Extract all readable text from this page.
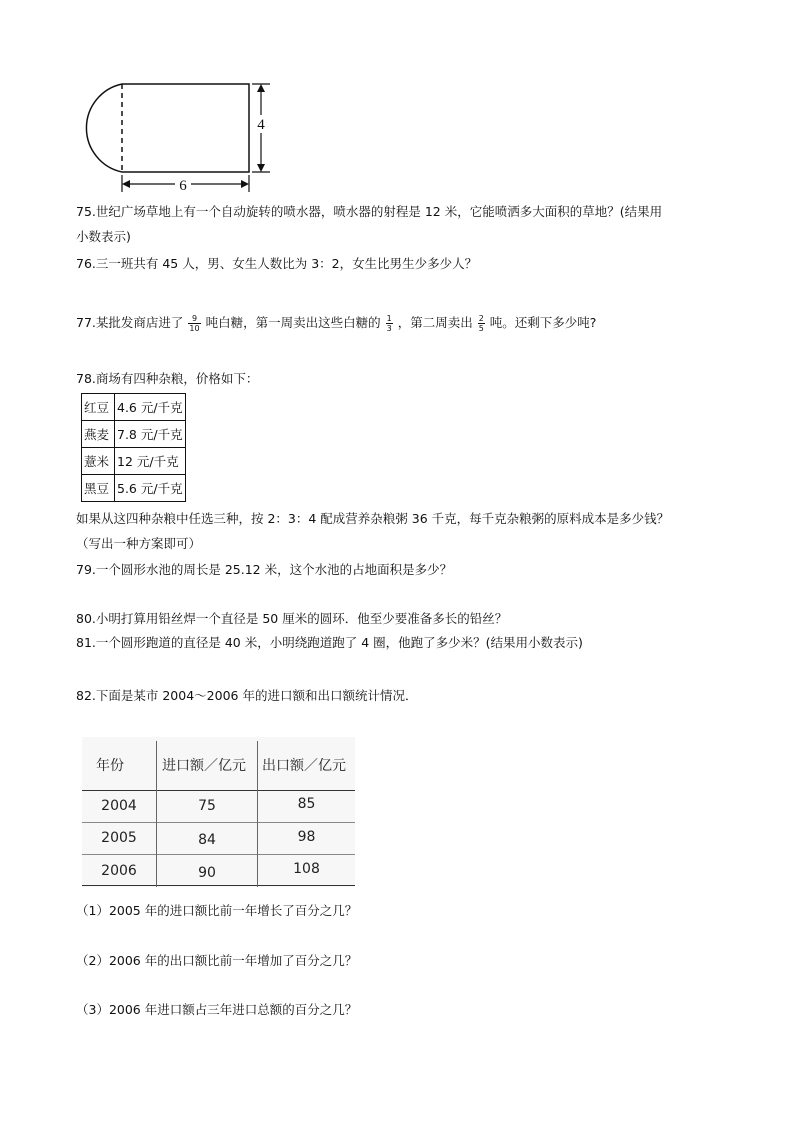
6
4
75.世纪广场草地上有一个自动旋转的喷水器，喷水器的射程是 12 米，它能喷洒多大面积的草地？(结果用
小数表示)
76.三一班共有 45 人，男、女生人数比为 3：2，女生比男生少多少人？
77.某批发商店进了 $\frac{9}{10}$ 吨白糖，第一周卖出这些白糖的 $\frac{1}{3}$ ，第二周卖出 $\frac{2}{5}$ 吨。还剩下多少吨?
78.商场有四种杂粮，价格如下：
红豆	4.6 元/千克
燕麦	7.8 元/千克
薏米	12 元/千克
黑豆	5.6 元/千克
如果从这四种杂粮中任选三种，按 2：3：4 配成营养杂粮粥 36 千克，每千克杂粮粥的原料成本是多少钱？
（写出一种方案即可）
79.一个圆形水池的周长是 25.12 米，这个水池的占地面积是多少？
80.小明打算用铅丝焊一个直径是 50 厘米的圆环．他至少要准备多长的铅丝？
81.一个圆形跑道的直径是 40 米，小明绕跑道跑了 4 圈，他跑了多少米？(结果用小数表示)
82.下面是某市 2004～2006 年的进口额和出口额统计情况．
年份	进口额／亿元 出口额／亿元
2004	75	85
2005	84	98
2006	90	108
（1）2005 年的进口额比前一年增长了百分之几？
（2）2006 年的出口额比前一年增加了百分之几？
（3）2006 年进口额占三年进口总额的百分之几？
